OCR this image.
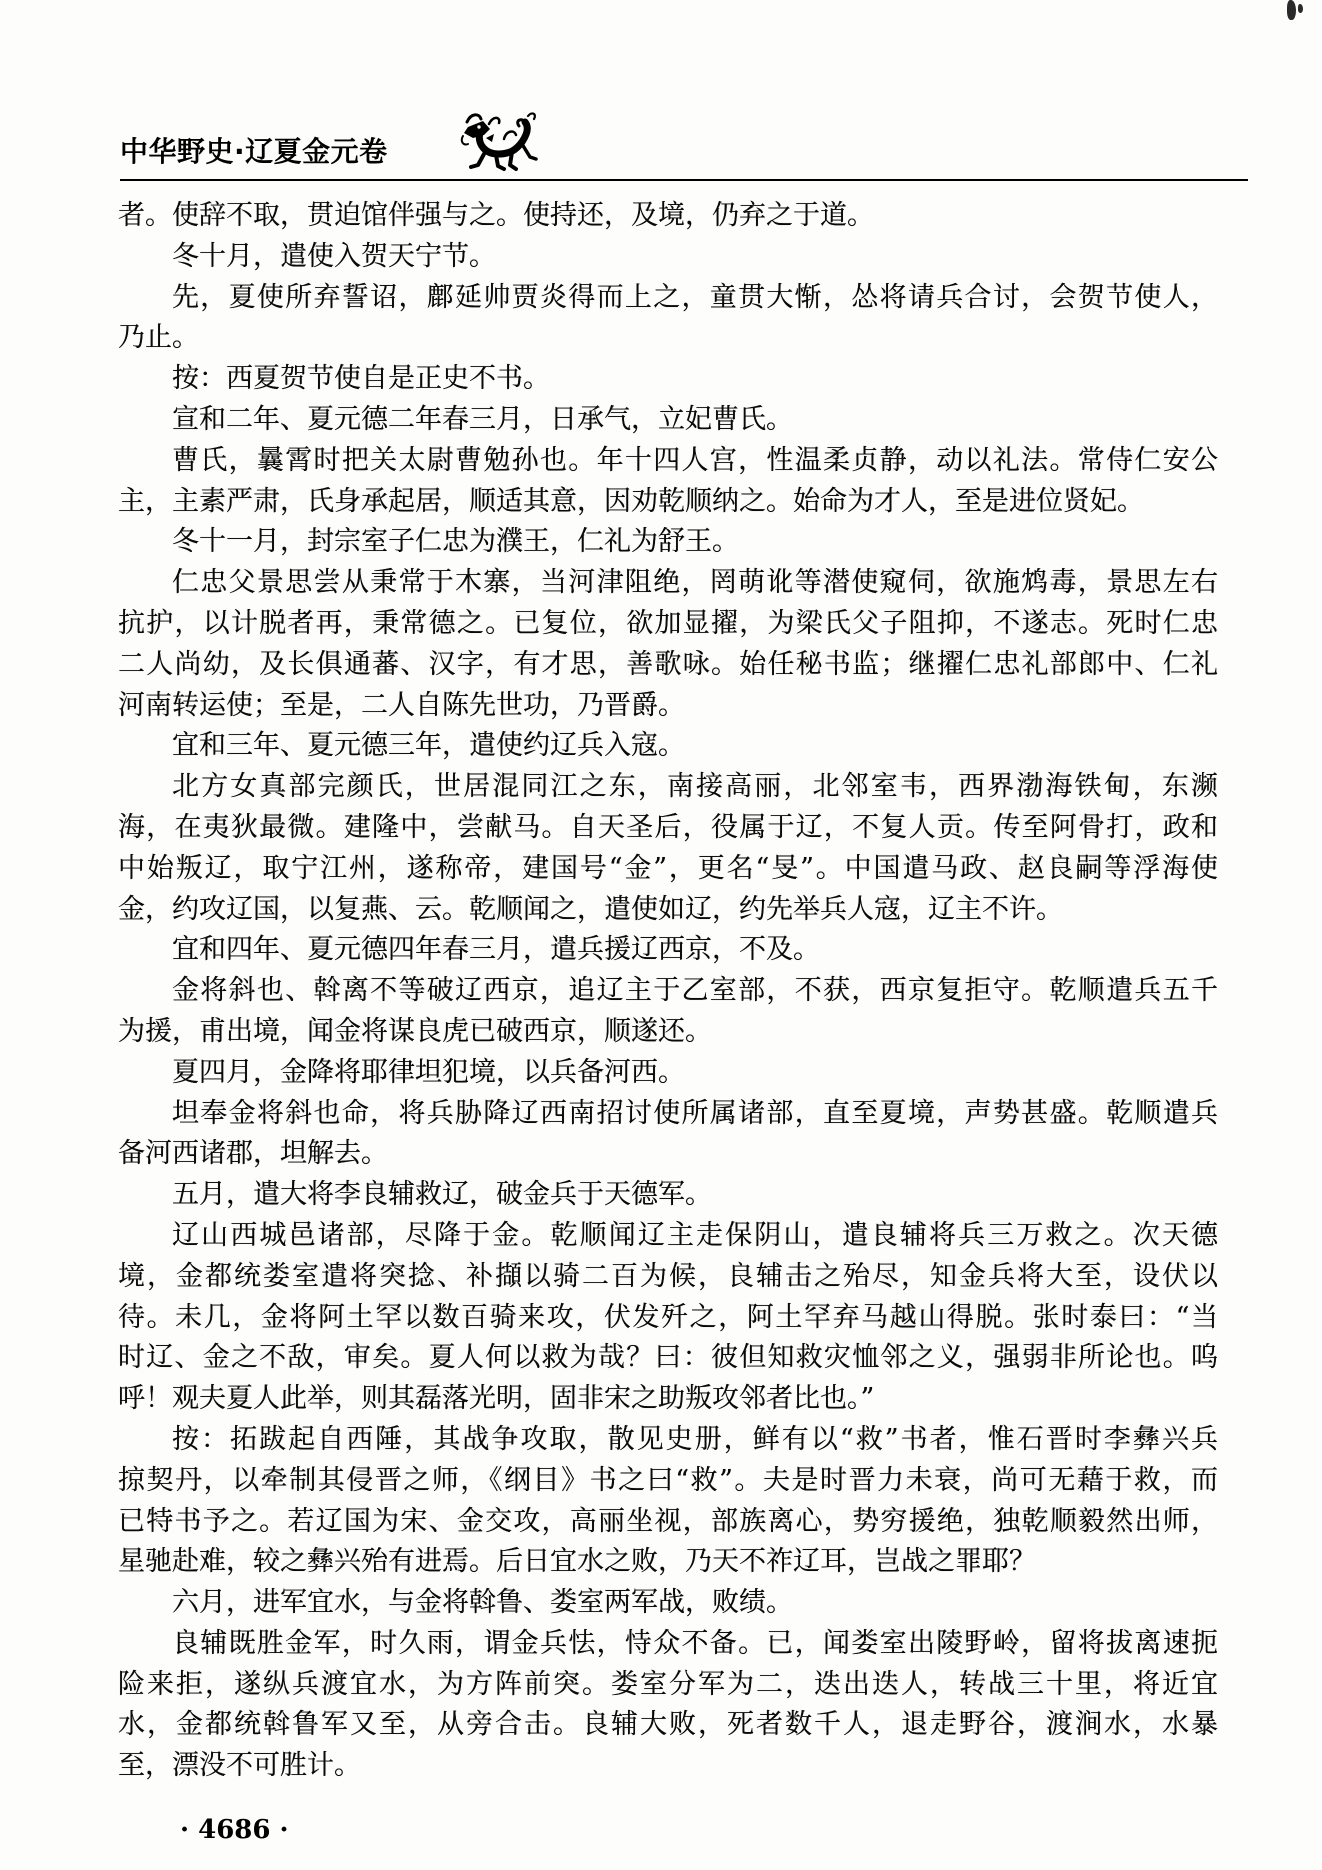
中华野史·辽夏金元卷
者。使辞不取，贯迫馆伴强与之。使持还，及境，仍弃之于道。
冬十月，遣使入贺天宁节。
先，夏使所弃誓诏，鄜延帅贾炎得而上之，童贯大惭，怂将请兵合讨，会贺节使人，
乃止。
按：西夏贺节使自是正史不书。
宣和二年、夏元德二年春三月，日承气，立妃曹氏。
曹氏，曩霄时把关太尉曹勉孙也。年十四人宫，性温柔贞静，动以礼法。常侍仁安公
主，主素严肃，氏身承起居，顺适其意，因劝乾顺纳之。始命为才人，至是进位贤妃。
冬十一月，封宗室子仁忠为濮王，仁礼为舒王。
仁忠父景思尝从秉常于木寨，当河津阻绝，罔萌讹等潜使窥伺，欲施鸩毒，景思左右
抗护，以计脱者再，秉常德之。已复位，欲加显擢，为梁氏父子阻抑，不遂志。死时仁忠
二人尚幼，及长俱通蕃、汉字，有才思，善歌咏。始任秘书监；继擢仁忠礼部郎中、仁礼
河南转运使；至是，二人自陈先世功，乃晋爵。
宜和三年、夏元德三年，遣使约辽兵入寇。
北方女真部完颜氏，世居混同江之东，南接高丽，北邻室韦，西界渤海铁甸，东濒
海，在夷狄最微。建隆中，尝献马。自天圣后，役属于辽，不复人贡。传至阿骨打，政和
中始叛辽，取宁江州，遂称帝，建国号“金”，更名“旻”。中国遣马政、赵良嗣等浮海使
金，约攻辽国，以复燕、云。乾顺闻之，遣使如辽，约先举兵人寇，辽主不许。
宜和四年、夏元德四年春三月，遣兵援辽西京，不及。
金将斜也、斡离不等破辽西京，追辽主于乙室部，不获，西京复拒守。乾顺遣兵五千
为援，甫出境，闻金将谋良虎已破西京，顺遂还。
夏四月，金降将耶律坦犯境，以兵备河西。
坦奉金将斜也命，将兵胁降辽西南招讨使所属诸部，直至夏境，声势甚盛。乾顺遣兵
备河西诸郡，坦解去。
五月，遣大将李良辅救辽，破金兵于天德军。
辽山西城邑诸部，尽降于金。乾顺闻辽主走保阴山，遣良辅将兵三万救之。次天德
境，金都统娄室遣将突捻、补擷以骑二百为候，良辅击之殆尽，知金兵将大至，设伏以
待。未几，金将阿土罕以数百骑来攻，伏发歼之，阿土罕弃马越山得脱。张时泰曰：“当
时辽、金之不敌，审矣。夏人何以救为哉？曰：彼但知救灾恤邻之义，强弱非所论也。呜
呼！观夫夏人此举，则其磊落光明，固非宋之助叛攻邻者比也。”
按：拓跋起自西陲，其战争攻取，散见史册，鲜有以“救”书者，惟石晋时李彝兴兵
掠契丹，以牵制其侵晋之师，《纲目》书之曰“救”。夫是时晋力未衰，尚可无藉于救，而
已特书予之。若辽国为宋、金交攻，高丽坐视，部族离心，势穷援绝，独乾顺毅然出师，
星驰赴难，较之彝兴殆有进焉。后日宜水之败，乃天不祚辽耳，岂战之罪耶？
六月，进军宜水，与金将斡鲁、娄室两军战，败绩。
良辅既胜金军，时久雨，谓金兵怯，恃众不备。已，闻娄室出陵野岭，留将拔离速扼
险来拒，遂纵兵渡宜水，为方阵前突。娄室分军为二，迭出迭人，转战三十里，将近宜
水，金都统斡鲁军又至，从旁合击。良辅大败，死者数千人，退走野谷，渡涧水，水暴
至，漂没不可胜计。
· 4686 ·
